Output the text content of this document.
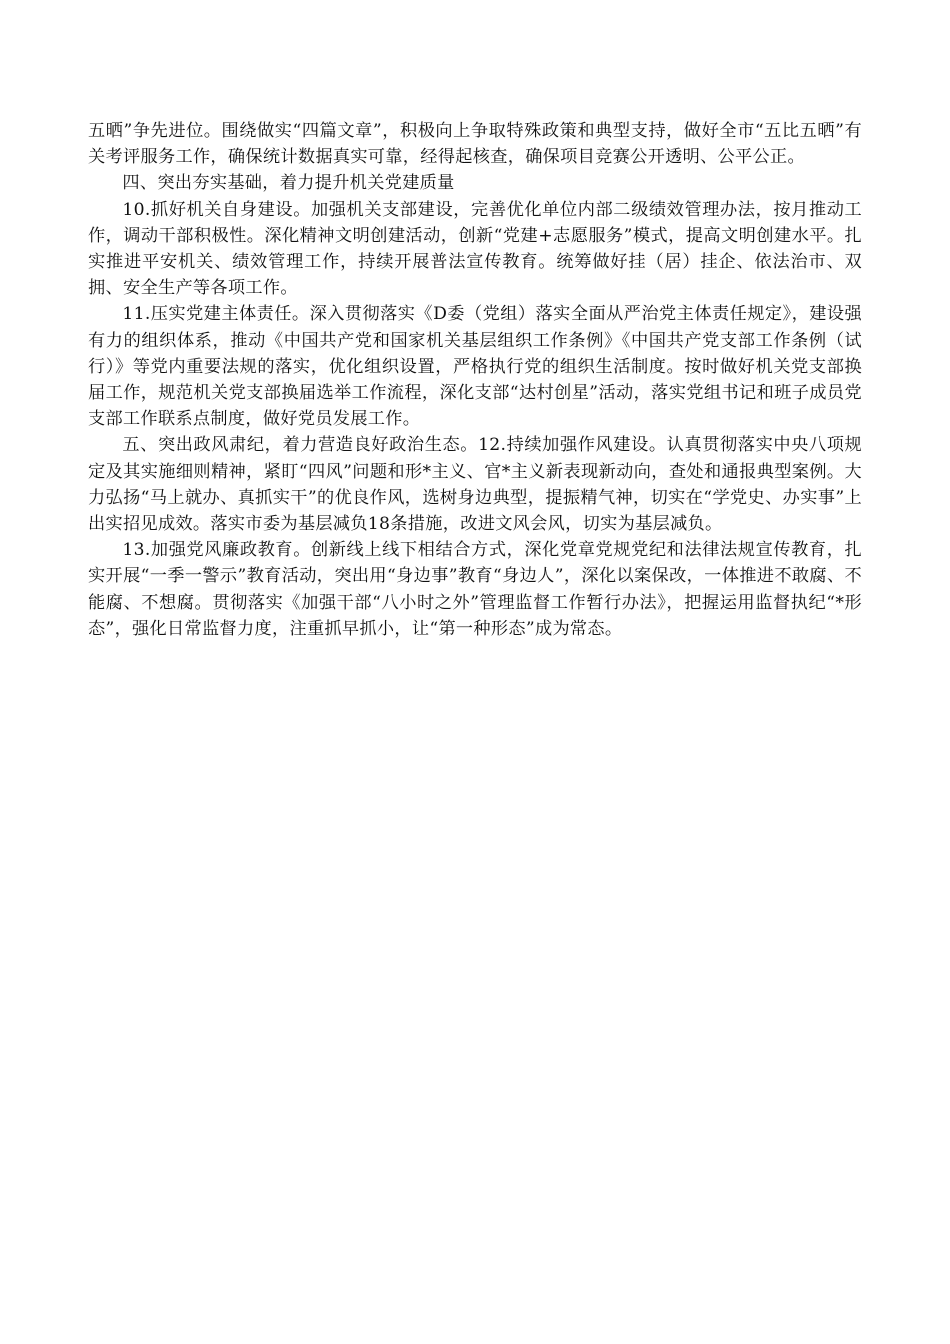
五晒”争先进位。围绕做实“四篇文章”，积极向上争取特殊政策和典型支持，做好全市“五比五晒”有关考评服务工作，确保统计数据真实可靠，经得起核查，确保项目竞赛公开透明、公平公正。

四、突出夯实基础，着力提升机关党建质量

10.抓好机关自身建设。加强机关支部建设，完善优化单位内部二级绩效管理办法，按月推动工作，调动干部积极性。深化精神文明创建活动，创新“党建+志愿服务”模式，提高文明创建水平。扎实推进平安机关、绩效管理工作，持续开展普法宣传教育。统筹做好挂（居）挂企、依法治市、双拥、安全生产等各项工作。

11.压实党建主体责任。深入贯彻落实《D委（党组）落实全面从严治党主体责任规定》，建设强有力的组织体系，推动《中国共产党和国家机关基层组织工作条例》《中国共产党支部工作条例（试行）》等党内重要法规的落实，优化组织设置，严格执行党的组织生活制度。按时做好机关党支部换届工作，规范机关党支部换届选举工作流程，深化支部“达村创星”活动，落实党组书记和班子成员党支部工作联系点制度，做好党员发展工作。

五、突出政风肃纪，着力营造良好政治生态。12.持续加强作风建设。认真贯彻落实中央八项规定及其实施细则精神，紧盯“四风”问题和形*主义、官*主义新表现新动向，查处和通报典型案例。大力弘扬“马上就办、真抓实干”的优良作风，选树身边典型，提振精气神，切实在“学党史、办实事”上出实招见成效。落实市委为基层减负18条措施，改进文风会风，切实为基层减负。

13.加强党风廉政教育。创新线上线下相结合方式，深化党章党规党纪和法律法规宣传教育，扎实开展“一季一警示”教育活动，突出用“身边事”教育“身边人”，深化以案保改，一体推进不敢腐、不能腐、不想腐。贯彻落实《加强干部“八小时之外”管理监督工作暂行办法》，把握运用监督执纪“*形态”，强化日常监督力度，注重抓早抓小，让“第一种形态”成为常态。
